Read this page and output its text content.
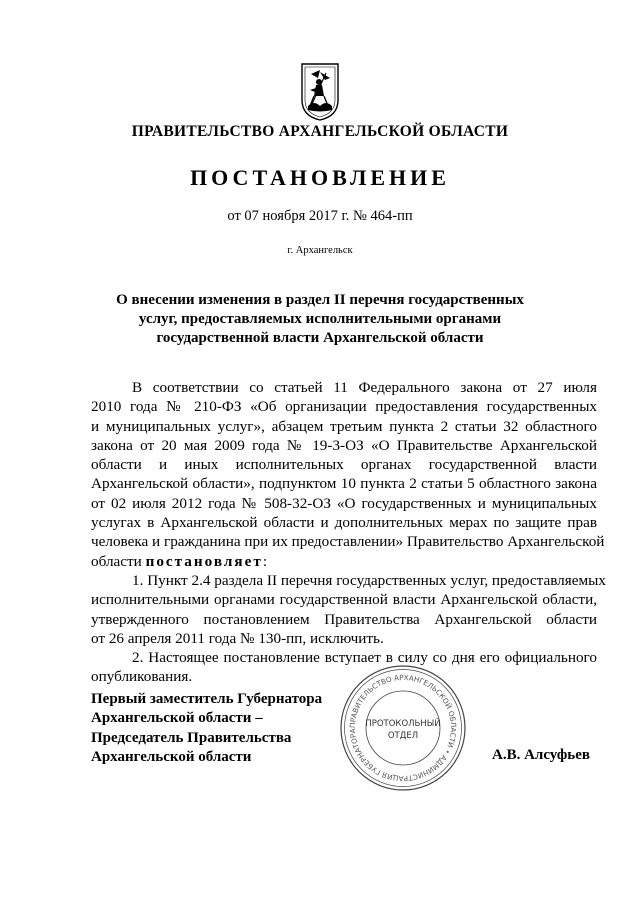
ПРАВИТЕЛЬСТВО АРХАНГЕЛЬСКОЙ ОБЛАСТИ
ПОСТАНОВЛЕНИЕ
от 07 ноября 2017 г. № 464-пп
г. Архангельск
О внесении изменения в раздел II перечня государственных
услуг, предоставляемых исполнительными органами
государственной власти Архангельской области
В соответствии со статьей 11 Федерального закона от 27 июля
2010 года № 210-ФЗ «Об организации предоставления государственных
и муниципальных услуг», абзацем третьим пункта 2 статьи 32 областного
закона от 20 мая 2009 года № 19-3-ОЗ «О Правительстве Архангельской
области и иных исполнительных органах государственной власти
Архангельской области», подпунктом 10 пункта 2 статьи 5 областного закона
от 02 июля 2012 года № 508-32-ОЗ «О государственных и муниципальных
услугах в Архангельской области и дополнительных мерах по защите прав
человека и гражданина при их предоставлении» Правительство Архангельской
области постановляет:
1. Пункт 2.4 раздела II перечня государственных услуг, предоставляемых
исполнительными органами государственной власти Архангельской области,
утвержденного постановлением Правительства Архангельской области
от 26 апреля 2011 года № 130-пп, исключить.
2. Настоящее постановление вступает в силу со дня его официального
опубликования.
Первый заместитель Губернатора
Архангельской области –
Председатель Правительства
Архангельской области	А.В. Алсуфьев
ПРАВИТЕЛЬСТВО АРХАНГЕЛЬСКОЙ ОБЛАСТИ • АДМИНИСТРАЦИЯ ГУБЕРНАТОРА
ПРОТОКОЛЬНЫЙ
ОТДЕЛ
